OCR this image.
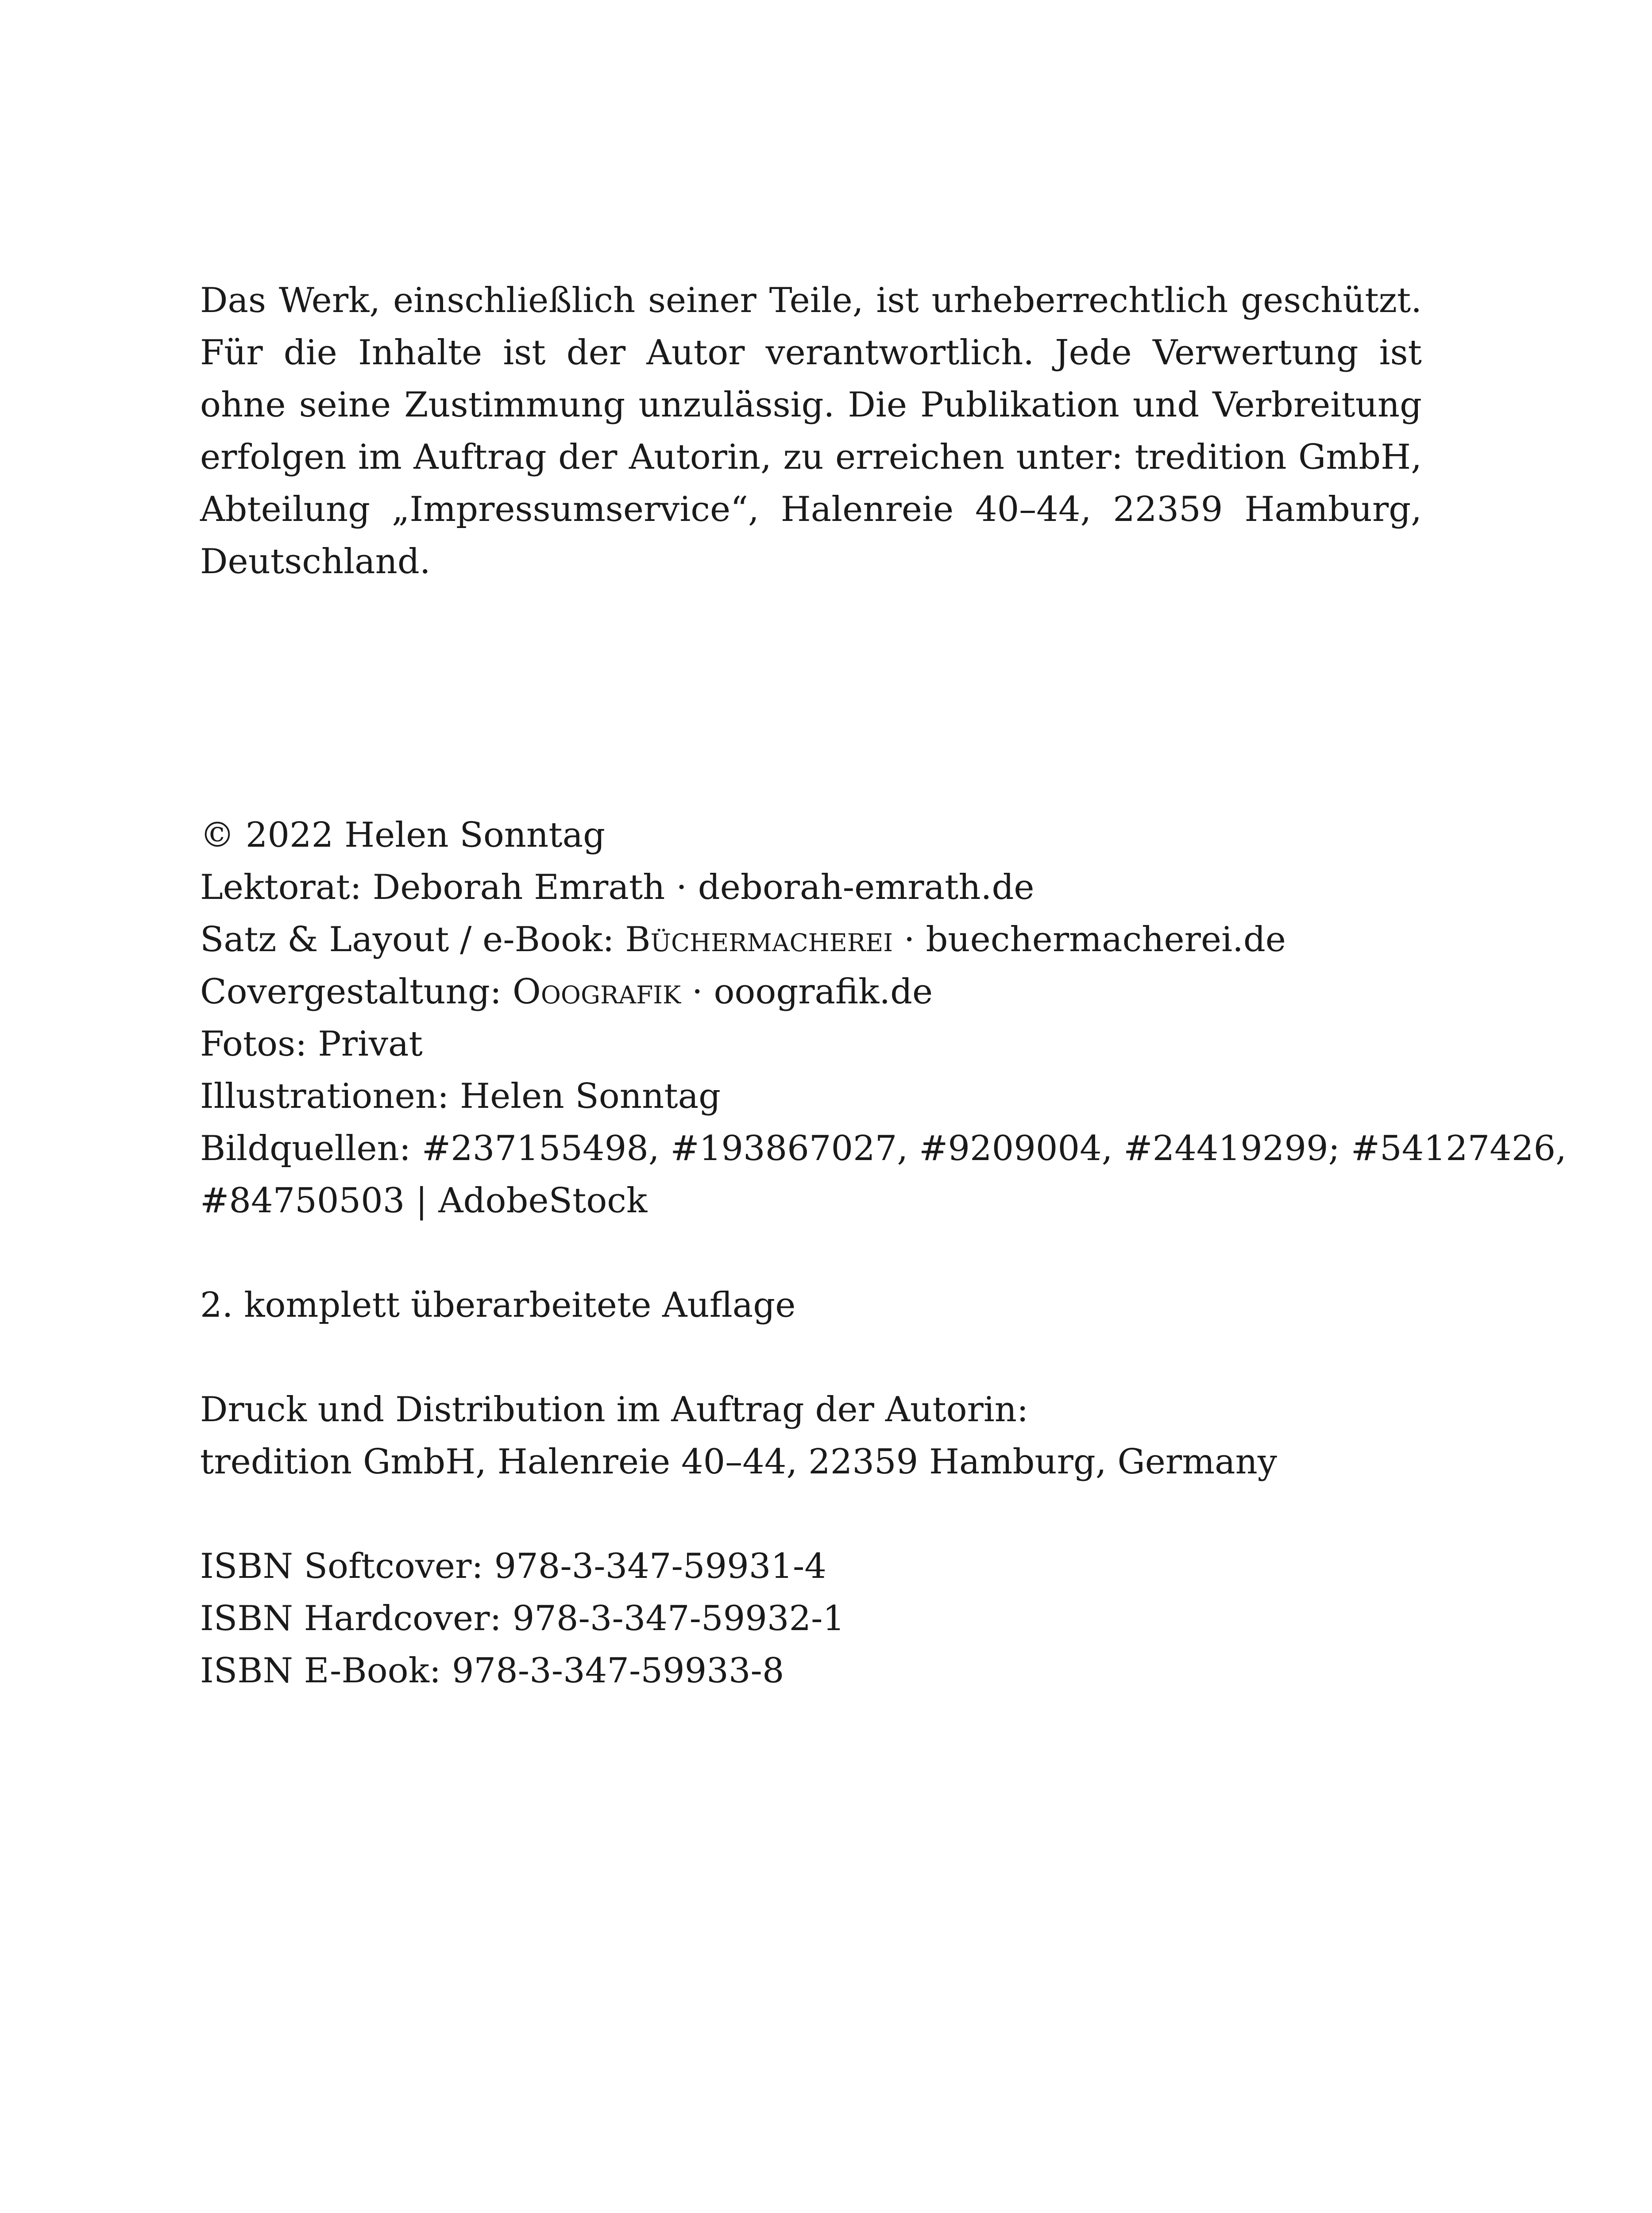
Das Werk, einschließlich seiner Teile, ist urheberrechtlich geschützt. Für die Inhalte ist der Autor verantwortlich. Jede Verwertung ist ohne seine Zustimmung unzulässig. Die Publikation und Verbreitung erfolgen im Auftrag der Autorin, zu erreichen unter: tredition GmbH, Abteilung „Impressumservice“, Halenreie 40–44, 22359 Hamburg, Deutschland.

© 2022 Helen Sonntag
Lektorat: Deborah Emrath · deborah-emrath.de
Satz & Layout / e-Book: Büchermacherei · buechermacherei.de
Covergestaltung: Ooografik · ooografik.de
Fotos: Privat
Illustrationen: Helen Sonntag
Bildquellen: #237155498, #193867027, #9209004, #24419299; #54127426,
#84750503 | AdobeStock
2. komplett überarbeitete Auflage
Druck und Distribution im Auftrag der Autorin:
tredition GmbH, Halenreie 40–44, 22359 Hamburg, Germany
ISBN Softcover: 978-3-347-59931-4
ISBN Hardcover: 978-3-347-59932-1
ISBN E-Book: 978-3-347-59933-8
